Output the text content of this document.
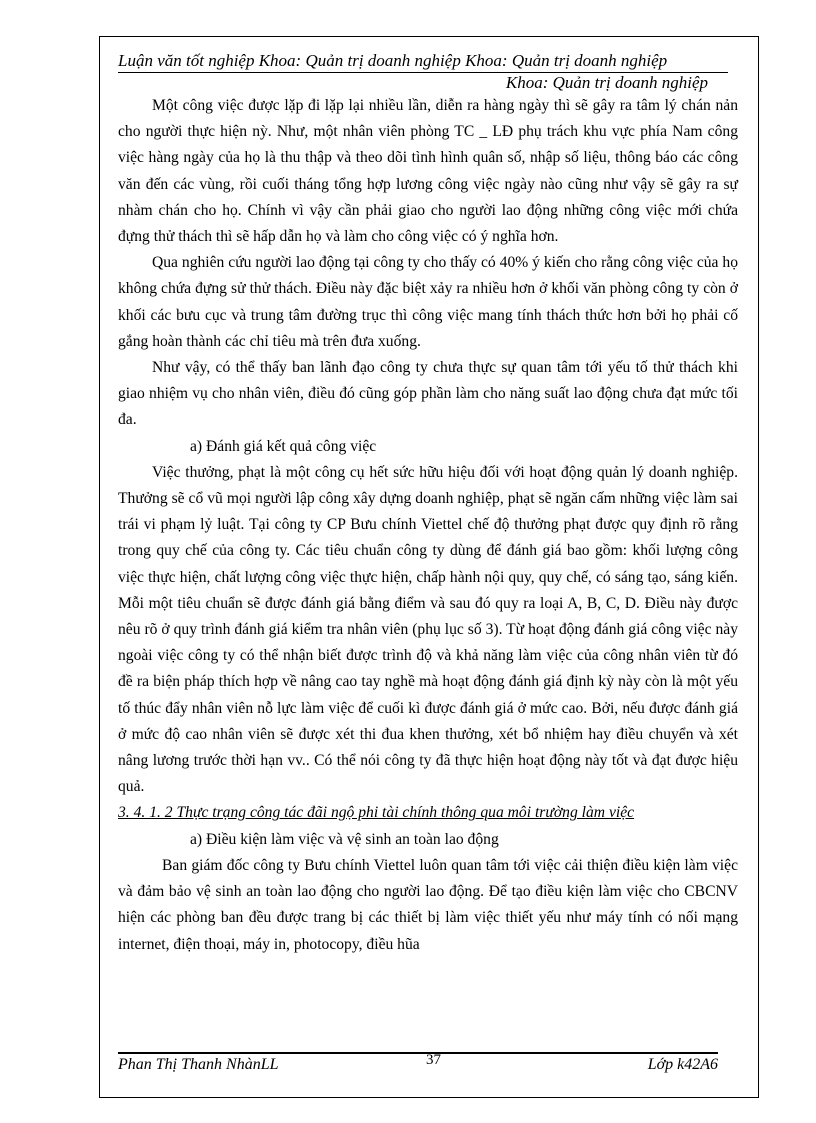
Luận văn tốt nghiệp Khoa: Quản trị doanh nghiệp Khoa: Quản trị doanh nghiệp
Khoa: Quản trị doanh nghiệp

Một công việc được lặp đi lặp lại nhiều lần, diễn ra hàng ngày thì sẽ gây ra tâm lý chán nản cho người thực hiện nỳ. Như, một nhân viên phòng TC _ LĐ phụ trách khu vực phía Nam công việc hàng ngày của họ là thu thập và theo dõi tình hình quân số, nhập số liệu, thông báo các công văn đến các vùng, rồi cuối tháng tổng hợp lương công việc ngày nào cũng như vậy sẽ gây ra sự nhàm chán cho họ. Chính vì vậy cần phải giao cho người lao động những công việc mới chứa đựng thử thách thì sẽ hấp dẫn họ và làm cho công việc có ý nghĩa hơn.

Qua nghiên cứu người lao động tại công ty cho thấy có 40% ý kiến cho rằng công việc của họ không chứa đựng sử thử thách. Điều này đặc biệt xảy ra nhiều hơn ở khối văn phòng công ty còn ở khối các bưu cục và trung tâm đường trục thì công việc mang tính thách thức hơn bởi họ phải cố gắng hoàn thành các chỉ tiêu mà trên đưa xuống.

Như vậy, có thể thấy ban lãnh đạo công ty chưa thực sự quan tâm tới yếu tố thử thách khi giao nhiệm vụ cho nhân viên, điều đó cũng góp phần làm cho năng suất lao động chưa đạt mức tối đa.

a) Đánh giá kết quả công việc

Việc thưởng, phạt là một công cụ hết sức hữu hiệu đối với hoạt động quản lý doanh nghiệp. Thưởng sẽ cổ vũ mọi người lập công xây dựng doanh nghiệp, phạt sẽ ngăn cấm những việc làm sai trái vi phạm lỷ luật. Tại công ty CP Bưu chính Viettel chế độ thưởng phạt được quy định rõ rằng trong quy chế của công ty. Các tiêu chuẩn công ty dùng để đánh giá bao gồm: khối lượng công việc thực hiện, chất lượng công việc thực hiện, chấp hành nội quy, quy chế, có sáng tạo, sáng kiến. Mỗi một tiêu chuẩn sẽ được đánh giá bằng điểm và sau đó quy ra loại A, B, C, D. Điều này được nêu rõ ở quy trình đánh giá kiểm tra nhân viên (phụ lục số 3). Từ hoạt động đánh giá công việc này ngoài việc công ty có thể nhận biết được trình độ và khả năng làm việc của công nhân viên từ đó đề ra biện pháp thích hợp về nâng cao tay nghề mà hoạt động đánh giá định kỳ này còn là một yếu tố thúc đẩy nhân viên nỗ lực làm việc để cuối kì được đánh giá ở mức cao. Bởi, nếu được đánh giá ở mức độ cao nhân viên sẽ được xét thi đua khen thưởng, xét bổ nhiệm hay điều chuyển và xét nâng lương trước thời hạn vv.. Có thể nói công ty đã thực hiện hoạt động này tốt và đạt được hiệu quả.

3. 4. 1. 2 Thực trạng công tác đãi ngộ phi tài chính thông qua môi trường làm việc

a) Điều kiện làm việc và vệ sinh an toàn lao động

Ban giám đốc công ty Bưu chính Viettel luôn quan tâm tới việc cải thiện điều kiện làm việc và đảm bảo vệ sinh an toàn lao động cho người lao động. Để tạo điều kiện làm việc cho CBCNV hiện các phòng ban đều được trang bị các thiết bị làm việc thiết yếu như máy tính có nối mạng internet, điện thoại, máy in, photocopy, điều hũa

Phan Thị Thanh NhànLL	37	Lớp k42A6
